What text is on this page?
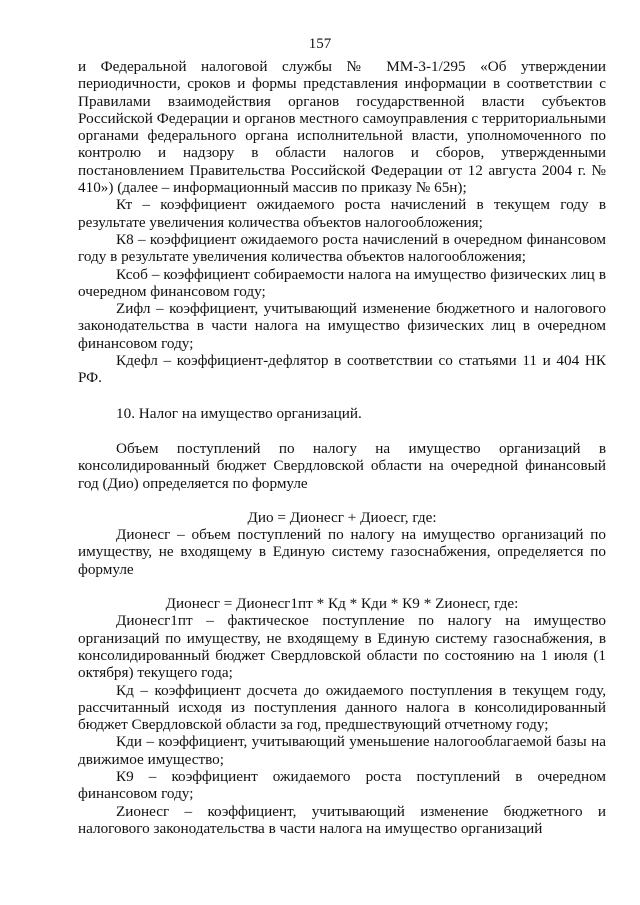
157

и Федеральной налоговой службы № ММ-3-1/295 «Об утверждении периодичности, сроков и формы представления информации в соответствии с Правилами взаимодействия органов государственной власти субъектов Российской Федерации и органов местного самоуправления с территориальными органами федерального органа исполнительной власти, уполномоченного по контролю и надзору в области налогов и сборов, утвержденными постановлением Правительства Российской Федерации от 12 августа 2004 г. № 410») (далее – информационный массив по приказу № 65н);

Кт – коэффициент ожидаемого роста начислений в текущем году в результате увеличения количества объектов налогообложения;

К8 – коэффициент ожидаемого роста начислений в очередном финансовом году в результате увеличения количества объектов налогообложения;

Ксоб – коэффициент собираемости налога на имущество физических лиц в очередном финансовом году;

Zифл – коэффициент, учитывающий изменение бюджетного и налогового законодательства в части налога на имущество физических лиц в очередном финансовом году;

Кдефл – коэффициент-дефлятор в соответствии со статьями 11 и 404 НК РФ.

10. Налог на имущество организаций.

Объем поступлений по налогу на имущество организаций в консолидированный бюджет Свердловской области на очередной финансовый год (Дио) определяется по формуле

Дио = Дионесг + Диоесг, где:

Дионесг – объем поступлений по налогу на имущество организаций по имуществу, не входящему в Единую систему газоснабжения, определяется по формуле

Дионесг = Дионесг1пт * Кд * Кди * К9 * Zионесг, где:

Дионесг1пт – фактическое поступление по налогу на имущество организаций по имуществу, не входящему в Единую систему газоснабжения, в консолидированный бюджет Свердловской области по состоянию на 1 июля (1 октября) текущего года;

Кд – коэффициент досчета до ожидаемого поступления в текущем году, рассчитанный исходя из поступления данного налога в консолидированный бюджет Свердловской области за год, предшествующий отчетному году;

Кди – коэффициент, учитывающий уменьшение налогооблагаемой базы на движимое имущество;

К9 – коэффициент ожидаемого роста поступлений в очередном финансовом году;

Zионесг – коэффициент, учитывающий изменение бюджетного и налогового законодательства в части налога на имущество организаций
